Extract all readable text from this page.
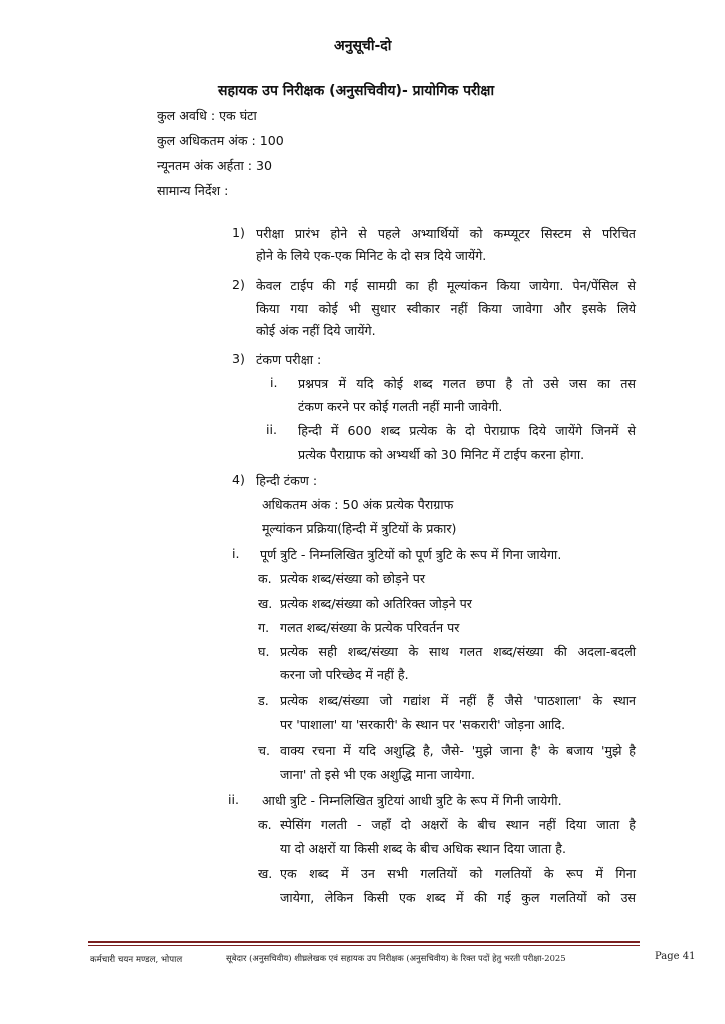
अनुसूची-दो
सहायक उप निरीक्षक (अनुसचिवीय)- प्रायोगिक परीक्षा
कुल अवधि : एक घंटा
कुल अधिकतम अंक : 100
न्यूनतम अंक अर्हता : 30
सामान्य निर्देश :
1) परीक्षा प्रारंभ होने से पहले अभ्यार्थियों को कम्प्यूटर सिस्टम से परिचित
होने के लिये एक-एक मिनिट के दो सत्र दिये जायेंगे.
2) केवल टाईप की गई सामग्री का ही मूल्यांकन किया जायेगा. पेन/पेंसिल से
किया गया कोई भी सुधार स्वीकार नहीं किया जावेगा और इसके लिये
कोई अंक नहीं दिये जायेंगे.
3) टंकण परीक्षा :
i. प्रश्नपत्र में यदि कोई शब्द गलत छपा है तो उसे जस का तस
टंकण करने पर कोई गलती नहीं मानी जावेगी.
ii. हिन्दी में 600 शब्द प्रत्येक के दो पेराग्राफ दिये जायेंगे जिनमें से
प्रत्येक पैराग्राफ को अभ्यर्थी को 30 मिनिट में टाईप करना होगा.
4) हिन्दी टंकण :
अधिकतम अंक : 50 अंक प्रत्येक पैराग्राफ
मूल्यांकन प्रक्रिया(हिन्दी में त्रुटियों के प्रकार)
i. पूर्ण त्रुटि - निम्नलिखित त्रुटियों को पूर्ण त्रुटि के रूप में गिना जायेगा.
क. प्रत्येक शब्द/संख्या को छोड़ने पर
ख. प्रत्येक शब्द/संख्या को अतिरिक्त जोड़ने पर
ग. गलत शब्द/संख्या के प्रत्येक परिवर्तन पर
घ. प्रत्येक सही शब्द/संख्या के साथ गलत शब्द/संख्या की अदला-बदली
करना जो परिच्छेद में नहीं है.
ड. प्रत्येक शब्द/संख्या जो गद्यांश में नहीं हैं जैसे 'पाठशाला' के स्थान
पर 'पाशाला' या 'सरकारी' के स्थान पर 'सकरारी' जोड़ना आदि.
च. वाक्य रचना में यदि अशुद्धि है, जैसे- 'मुझे जाना है' के बजाय 'मुझे है
जाना' तो इसे भी एक अशुद्धि माना जायेगा.
ii. आधी त्रुटि - निम्नलिखित त्रुटियां आधी त्रुटि के रूप में गिनी जायेगी.
क. स्पेसिंग गलती - जहाँ दो अक्षरों के बीच स्थान नहीं दिया जाता है
या दो अक्षरों या किसी शब्द के बीच अधिक स्थान दिया जाता है.
ख. एक शब्द में उन सभी गलतियों को गलतियों के रूप में गिना
जायेगा, लेकिन किसी एक शब्द में की गई कुल गलतियों को उस
कर्मचारी चयन मण्डल, भोपाल	सूबेदार (अनुसचिवीय) शीघ्रलेखक एवं सहायक उप निरीक्षक (अनुसचिवीय) के रिक्त पदों हेतु भरती परीक्षा-2025	Page 41
